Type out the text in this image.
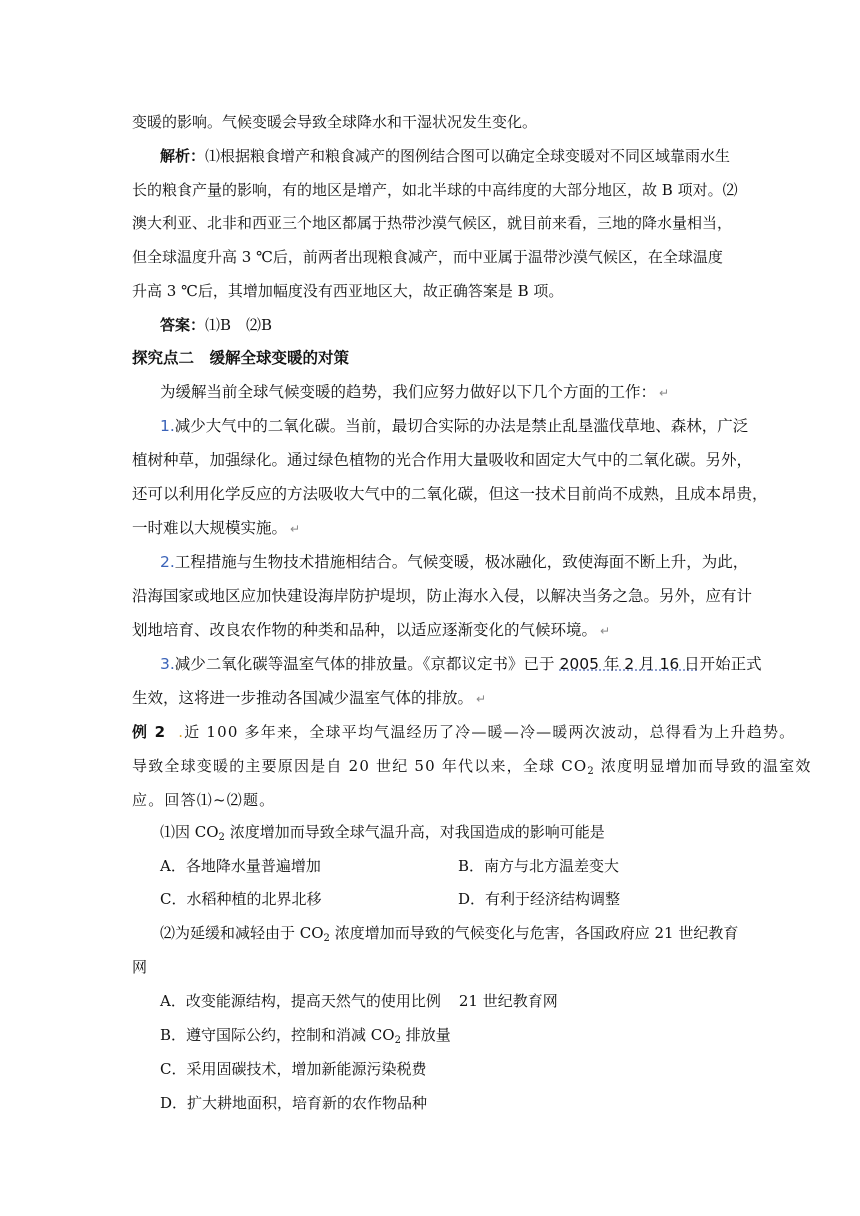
变暖的影响。气候变暖会导致全球降水和干湿状况发生变化。
解析：⑴根据粮食增产和粮食减产的图例结合图可以确定全球变暖对不同区域靠雨水生
长的粮食产量的影响，有的地区是增产，如北半球的中高纬度的大部分地区，故 B 项对。⑵
澳大利亚、北非和西亚三个地区都属于热带沙漠气候区，就目前来看，三地的降水量相当，
但全球温度升高 3 ℃后，前两者出现粮食减产，而中亚属于温带沙漠气候区，在全球温度
升高 3 ℃后，其增加幅度没有西亚地区大，故正确答案是 B 项。
答案：⑴B　⑵B
探究点二　缓解全球变暖的对策
为缓解当前全球气候变暖的趋势，我们应努力做好以下几个方面的工作： ↵
1.减少大气中的二氧化碳。当前，最切合实际的办法是禁止乱垦滥伐草地、森林，广泛
植树种草，加强绿化。通过绿色植物的光合作用大量吸收和固定大气中的二氧化碳。另外，
还可以利用化学反应的方法吸收大气中的二氧化碳，但这一技术目前尚不成熟，且成本昂贵，
一时难以大规模实施。 ↵
2.工程措施与生物技术措施相结合。气候变暖，极冰融化，致使海面不断上升，为此，
沿海国家或地区应加快建设海岸防护堤坝，防止海水入侵，以解决当务之急。另外，应有计
划地培育、改良农作物的种类和品种，以适应逐渐变化的气候环境。 ↵
3.减少二氧化碳等温室气体的排放量。《京都议定书》已于 2005 年 2 月 16 日开始正式
生效，这将进一步推动各国减少温室气体的排放。 ↵
例 2  .近 100 多年来，全球平均气温经历了冷—暖—冷—暖两次波动，总得看为上升趋势。
导致全球变暖的主要原因是自 20 世纪 50 年代以来，全球 $CO_2$ 浓度明显增加而导致的温室效
应。回答⑴~⑵题。
⑴因 $CO_2$ 浓度增加而导致全球气温升高，对我国造成的影响可能是
A．各地降水量普遍增加	B．南方与北方温差变大
C．水稻种植的北界北移	D．有利于经济结构调整
⑵为延缓和减轻由于 $CO_2$ 浓度增加而导致的气候变化与危害，各国政府应 21 世纪教育
网
A．改变能源结构，提高天然气的使用比例 21 世纪教育网
B．遵守国际公约，控制和消减 $CO_2$ 排放量
C．采用固碳技术，增加新能源污染税费
D．扩大耕地面积，培育新的农作物品种
